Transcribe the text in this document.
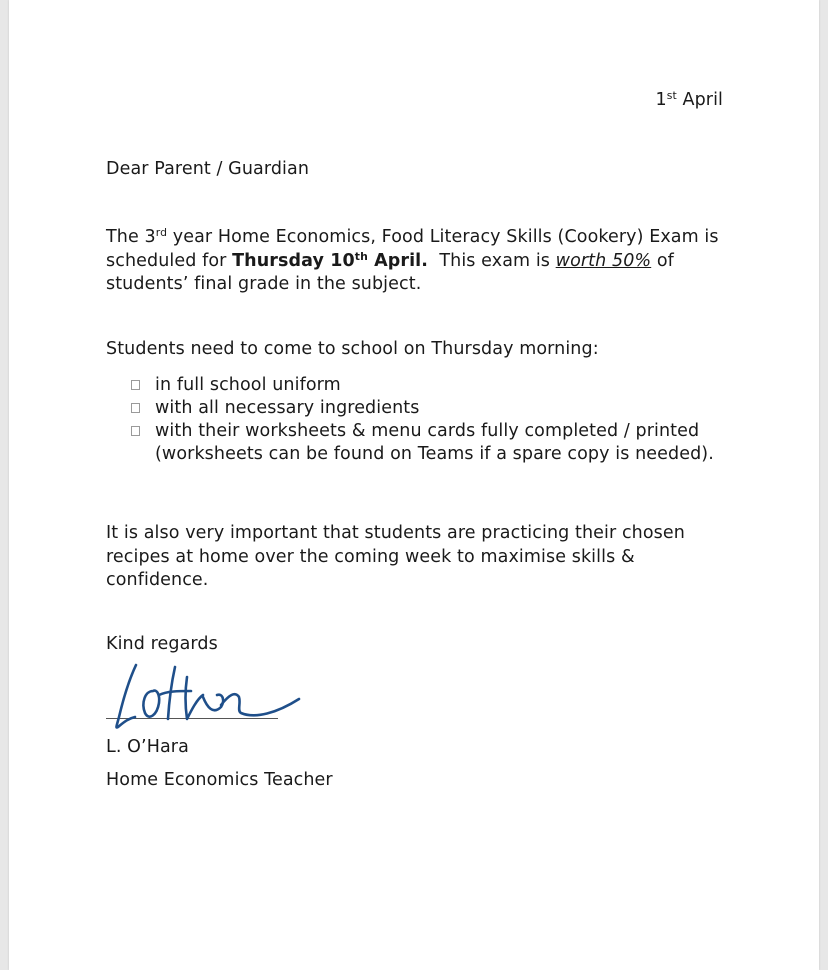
1st April
Dear Parent / Guardian
The 3rd year Home Economics, Food Literacy Skills (Cookery) Exam is scheduled for Thursday 10th April.  This exam is worth 50% of students’ final grade in the subject.
Students need to come to school on Thursday morning:
in full school uniform
with all necessary ingredients
with their worksheets & menu cards fully completed / printed (worksheets can be found on Teams if a spare copy is needed).
It is also very important that students are practicing their chosen recipes at home over the coming week to maximise skills & confidence.
Kind regards
L. O’Hara
Home Economics Teacher
